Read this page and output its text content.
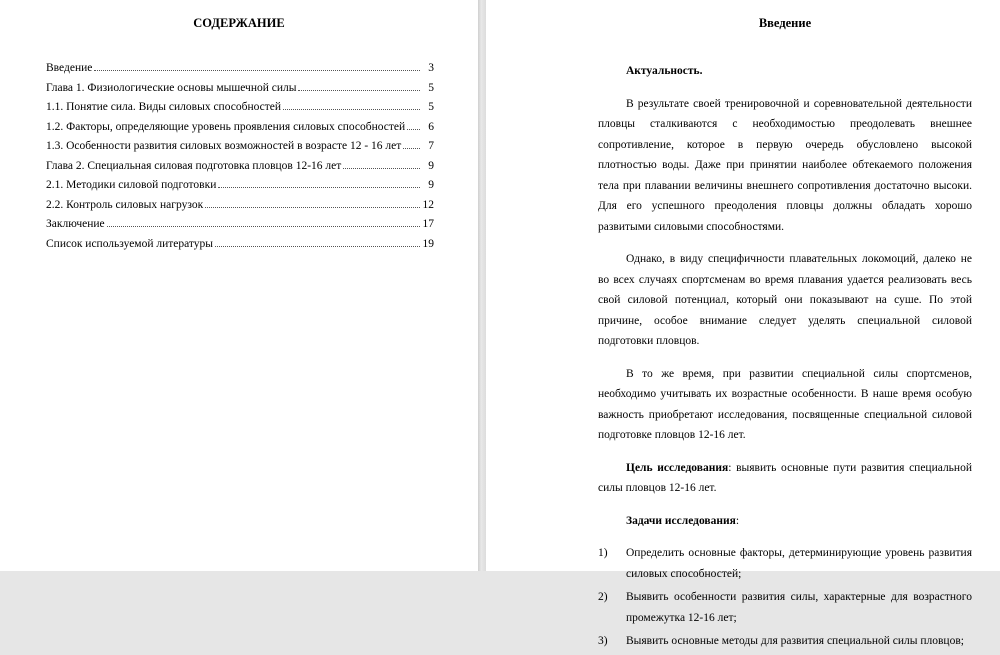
СОДЕРЖАНИЕ
Введение	3
Глава 1. Физиологические основы мышечной силы	5
1.1. Понятие сила. Виды силовых способностей	5
1.2. Факторы, определяющие уровень проявления силовых способностей	6
1.3. Особенности развития силовых возможностей в возрасте 12 - 16 лет	7
Глава 2. Специальная силовая подготовка пловцов 12-16 лет	9
2.1. Методики силовой подготовки	9
2.2. Контроль силовых нагрузок	12
Заключение	17
Список используемой литературы	19
Введение
Актуальность.

В результате своей тренировочной и соревновательной деятельности пловцы сталкиваются с необходимостью преодолевать внешнее сопротивление, которое в первую очередь обусловлено высокой плотностью воды. Даже при принятии наиболее обтекаемого положения тела при плавании величины внешнего сопротивления достаточно высоки. Для его успешного преодоления пловцы должны обладать хорошо развитыми силовыми способностями.

Однако, в виду специфичности плавательных локомоций, далеко не во всех случаях спортсменам во время плавания удается реализовать весь свой силовой потенциал, который они показывают на суше. По этой причине, особое внимание следует уделять специальной силовой подготовки пловцов.

В то же время, при развитии специальной силы спортсменов, необходимо учитывать их возрастные особенности. В наше время особую важность приобретают исследования, посвященные специальной силовой подготовке пловцов 12-16 лет.

Цель исследования: выявить основные пути развития специальной силы пловцов 12-16 лет.

Задачи исследования:
1) Определить основные факторы, детерминирующие уровень развития силовых способностей;
2) Выявить особенности развития силы, характерные для возрастного промежутка 12-16 лет;
3) Выявить основные методы для развития специальной силы пловцов;
